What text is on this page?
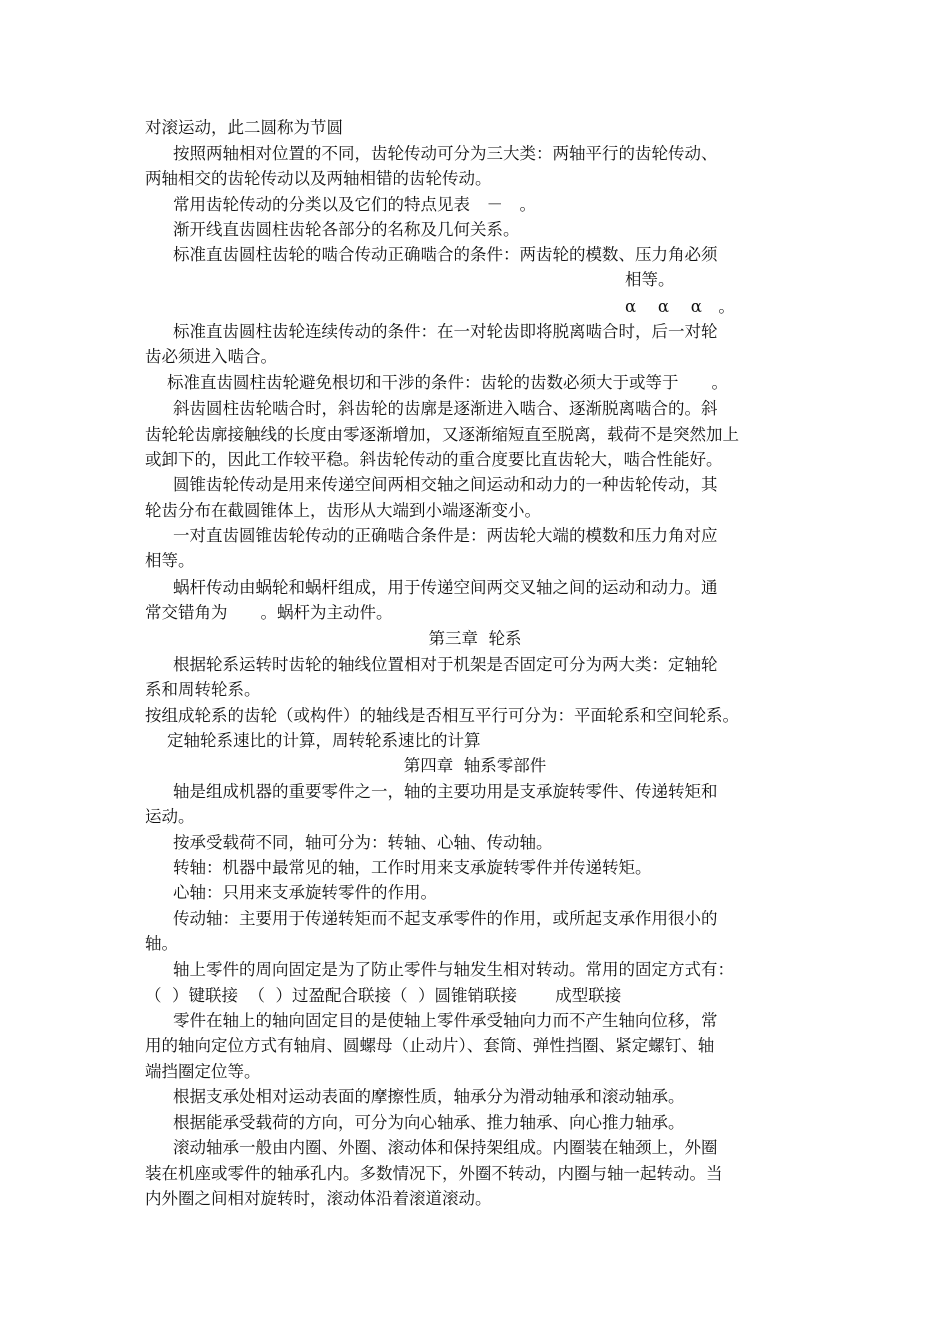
对滚运动，此二圆称为节圆
按照两轴相对位置的不同，齿轮传动可分为三大类：两轴平行的齿轮传动、
两轴相交的齿轮传动以及两轴相错的齿轮传动。
常用齿轮传动的分类以及它们的特点见表　－　。
渐开线直齿圆柱齿轮各部分的名称及几何关系。
标准直齿圆柱齿轮的啮合传动正确啮合的条件：两齿轮的模数、压力角必须
相等。
α　 α　 α　。
标准直齿圆柱齿轮连续传动的条件：在一对轮齿即将脱离啮合时，后一对轮
齿必须进入啮合。
标准直齿圆柱齿轮避免根切和干涉的条件：齿轮的齿数必须大于或等于　　。
斜齿圆柱齿轮啮合时，斜齿轮的齿廓是逐渐进入啮合、逐渐脱离啮合的。斜
齿轮轮齿廓接触线的长度由零逐渐增加，又逐渐缩短直至脱离，载荷不是突然加上
或卸下的，因此工作较平稳。斜齿轮传动的重合度要比直齿轮大，啮合性能好。
圆锥齿轮传动是用来传递空间两相交轴之间运动和动力的一种齿轮传动，其
轮齿分布在截圆锥体上，齿形从大端到小端逐渐变小。
一对直齿圆锥齿轮传动的正确啮合条件是：两齿轮大端的模数和压力角对应
相等。
蜗杆传动由蜗轮和蜗杆组成，用于传递空间两交叉轴之间的运动和动力。通
常交错角为　　。蜗杆为主动件。
第三章  轮系
根据轮系运转时齿轮的轴线位置相对于机架是否固定可分为两大类：定轴轮
系和周转轮系。
按组成轮系的齿轮（或构件）的轴线是否相互平行可分为：平面轮系和空间轮系。
定轴轮系速比的计算，周转轮系速比的计算
第四章  轴系零部件
轴是组成机器的重要零件之一，轴的主要功用是支承旋转零件、传递转矩和
运动。
按承受载荷不同，轴可分为：转轴、心轴、传动轴。
转轴：机器中最常见的轴，工作时用来支承旋转零件并传递转矩。
心轴：只用来支承旋转零件的作用。
传动轴：主要用于传递转矩而不起支承零件的作用，或所起支承作用很小的
轴。
轴上零件的周向固定是为了防止零件与轴发生相对转动。常用的固定方式有：
（  ）键联接  （  ）过盈配合联接（  ）圆锥销联接　　 成型联接
零件在轴上的轴向固定目的是使轴上零件承受轴向力而不产生轴向位移，常
用的轴向定位方式有轴肩、圆螺母（止动片）、套筒、弹性挡圈、紧定螺钉、轴
端挡圈定位等。
根据支承处相对运动表面的摩擦性质，轴承分为滑动轴承和滚动轴承。
根据能承受载荷的方向，可分为向心轴承、推力轴承、向心推力轴承。
滚动轴承一般由内圈、外圈、滚动体和保持架组成。内圈装在轴颈上，外圈
装在机座或零件的轴承孔内。多数情况下，外圈不转动，内圈与轴一起转动。当
内外圈之间相对旋转时，滚动体沿着滚道滚动。
